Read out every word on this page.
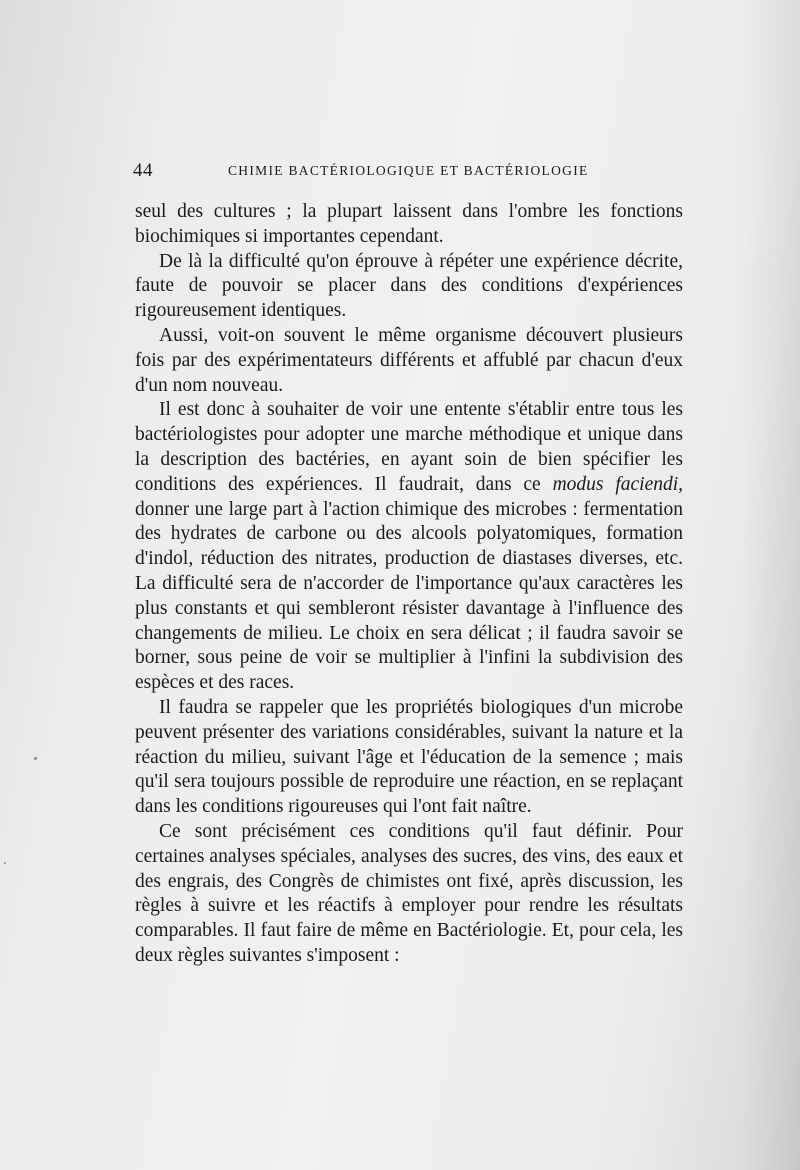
44	CHIMIE BACTÉRIOLOGIQUE ET BACTÉRIOLOGIE

seul des cultures ; la plupart laissent dans l'ombre les fonctions biochimiques si importantes cependant.

De là la difficulté qu'on éprouve à répéter une expérience décrite, faute de pouvoir se placer dans des conditions d'expériences rigoureusement identiques.

Aussi, voit-on souvent le même organisme découvert plusieurs fois par des expérimentateurs différents et affublé par chacun d'eux d'un nom nouveau.

Il est donc à souhaiter de voir une entente s'établir entre tous les bactériologistes pour adopter une marche méthodique et unique dans la description des bactéries, en ayant soin de bien spécifier les conditions des expériences. Il faudrait, dans ce modus faciendi, donner une large part à l'action chimique des microbes : fermentation des hydrates de carbone ou des alcools polyatomiques, formation d'indol, réduction des nitrates, production de diastases diverses, etc. La difficulté sera de n'accorder de l'importance qu'aux caractères les plus constants et qui sembleront résister davantage à l'influence des changements de milieu. Le choix en sera délicat ; il faudra savoir se borner, sous peine de voir se multiplier à l'infini la subdivision des espèces et des races.

Il faudra se rappeler que les propriétés biologiques d'un microbe peuvent présenter des variations considérables, suivant la nature et la réaction du milieu, suivant l'âge et l'éducation de la semence ; mais qu'il sera toujours possible de reproduire une réaction, en se replaçant dans les conditions rigoureuses qui l'ont fait naître.

Ce sont précisément ces conditions qu'il faut définir. Pour certaines analyses spéciales, analyses des sucres, des vins, des eaux et des engrais, des Congrès de chimistes ont fixé, après discussion, les règles à suivre et les réactifs à employer pour rendre les résultats comparables. Il faut faire de même en Bactériologie. Et, pour cela, les deux règles suivantes s'imposent :
